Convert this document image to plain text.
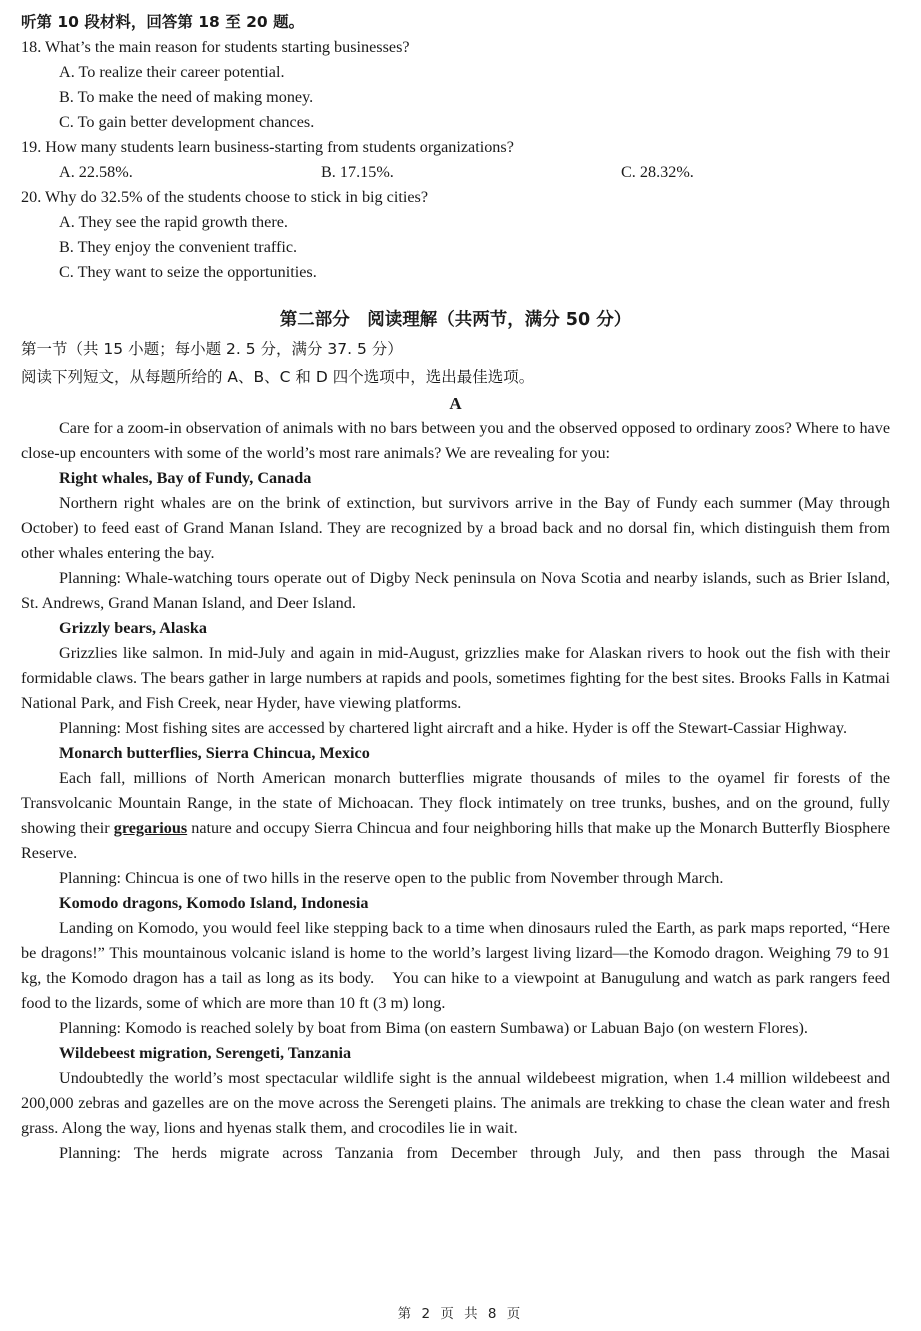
听第 10 段材料，回答第 18 至 20 题。
18. What’s the main reason for students starting businesses?
A. To realize their career potential.
B. To make the need of making money.
C. To gain better development chances.
19. How many students learn business-starting from students organizations?
A. 22.58%.	B. 17.15%.	C. 28.32%.
20. Why do 32.5% of the students choose to stick in big cities?
A. They see the rapid growth there.
B. They enjoy the convenient traffic.
C. They want to seize the opportunities.
第二部分　阅读理解（共两节，满分 50 分）
第一节（共 15 小题；每小题 2. 5 分，满分 37. 5 分）
阅读下列短文，从每题所给的 A、B、C 和 D 四个选项中，选出最佳选项。
A

Care for a zoom-in observation of animals with no bars between you and the observed opposed to ordinary zoos? Where to have close-up encounters with some of the world’s most rare animals? We are revealing for you:

Right whales, Bay of Fundy, Canada

Northern right whales are on the brink of extinction, but survivors arrive in the Bay of Fundy each summer (May through October) to feed east of Grand Manan Island. They are recognized by a broad back and no dorsal fin, which distinguish them from other whales entering the bay.

Planning: Whale-watching tours operate out of Digby Neck peninsula on Nova Scotia and nearby islands, such as Brier Island, St. Andrews, Grand Manan Island, and Deer Island.

Grizzly bears, Alaska

Grizzlies like salmon. In mid-July and again in mid-August, grizzlies make for Alaskan rivers to hook out the fish with their formidable claws. The bears gather in large numbers at rapids and pools, sometimes fighting for the best sites. Brooks Falls in Katmai National Park, and Fish Creek, near Hyder, have viewing platforms.

Planning: Most fishing sites are accessed by chartered light aircraft and a hike. Hyder is off the Stewart-Cassiar Highway.

Monarch butterflies, Sierra Chincua, Mexico

Each fall, millions of North American monarch butterflies migrate thousands of miles to the oyamel fir forests of the Transvolcanic Mountain Range, in the state of Michoacan. They flock intimately on tree trunks, bushes, and on the ground, fully showing their gregarious nature and occupy Sierra Chincua and four neighboring hills that make up the Monarch Butterfly Biosphere Reserve.

Planning: Chincua is one of two hills in the reserve open to the public from November through March.

Komodo dragons, Komodo Island, Indonesia

Landing on Komodo, you would feel like stepping back to a time when dinosaurs ruled the Earth, as park maps reported, “Here be dragons!” This mountainous volcanic island is home to the world’s largest living lizard—the Komodo dragon. Weighing 79 to 91 kg, the Komodo dragon has a tail as long as its body.　You can hike to a viewpoint at Banugulung and watch as park rangers feed food to the lizards, some of which are more than 10 ft (3 m) long.

Planning: Komodo is reached solely by boat from Bima (on eastern Sumbawa) or Labuan Bajo (on western Flores).

Wildebeest migration, Serengeti, Tanzania

Undoubtedly the world’s most spectacular wildlife sight is the annual wildebeest migration, when 1.4 million wildebeest and 200,000 zebras and gazelles are on the move across the Serengeti plains. The animals are trekking to chase the clean water and fresh grass. Along the way, lions and hyenas stalk them, and crocodiles lie in wait.

Planning: The herds migrate across Tanzania from December through July, and then pass through the Masai

第 2 页 共 8 页
